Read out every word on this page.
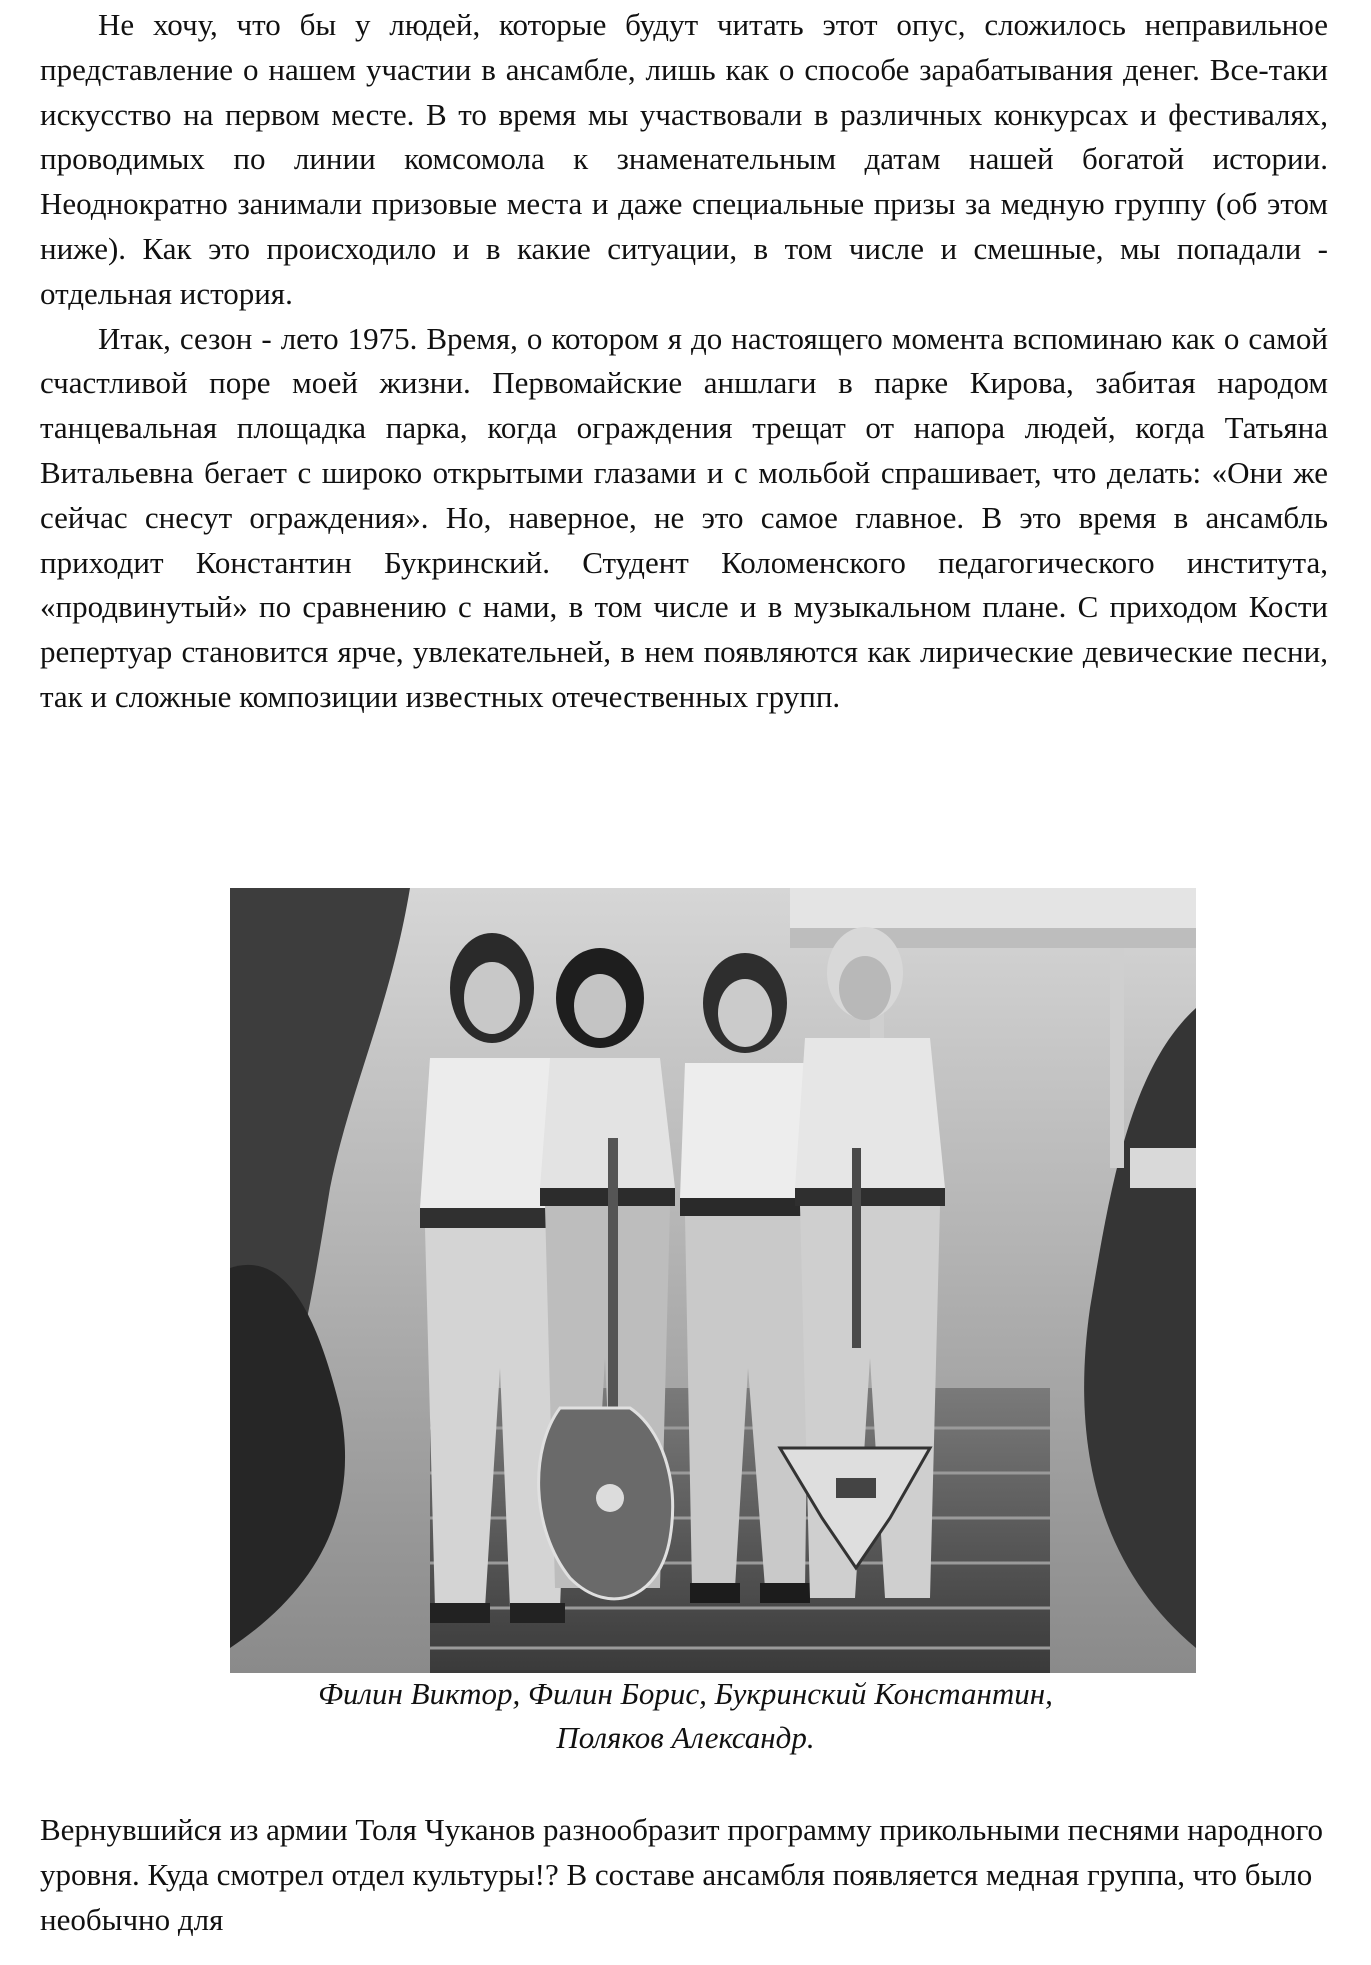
Не хочу, что бы у людей, которые будут читать этот опус, сложилось неправильное представление о нашем участии в ансамбле, лишь как о способе зарабатывания денег. Все-таки искусство на первом месте. В то время мы участвовали в различных конкурсах и фестивалях, проводимых по линии комсомола к знаменательным датам нашей богатой истории. Неоднократно занимали призовые места и даже специальные призы за медную группу (об этом ниже). Как это происходило и в какие ситуации, в том числе и смешные, мы попадали - отдельная история.

Итак, сезон - лето 1975. Время, о котором я до настоящего момента вспоминаю как о самой счастливой поре моей жизни. Первомайские аншлаги в парке Кирова, забитая народом танцевальная площадка парка, когда ограждения трещат от напора людей, когда Татьяна Витальевна бегает с широко открытыми глазами и с мольбой спрашивает, что делать: «Они же сейчас снесут ограждения». Но, наверное, не это самое главное. В это время в ансамбль приходит Константин Букринский. Студент Коломенского педагогического института, «продвинутый» по сравнению с нами, в том числе и в музыкальном плане. С приходом Кости репертуар становится ярче, увлекательней, в нем появляются как лирические девические песни, так и сложные композиции известных отечественных групп.

Филин Виктор, Филин Борис, Букринский Константин,
Поляков Александр.

Вернувшийся из армии Толя Чуканов разнообразит программу прикольными песнями народного уровня. Куда смотрел отдел культуры!? В составе ансамбля появляется медная группа, что было необычно для
